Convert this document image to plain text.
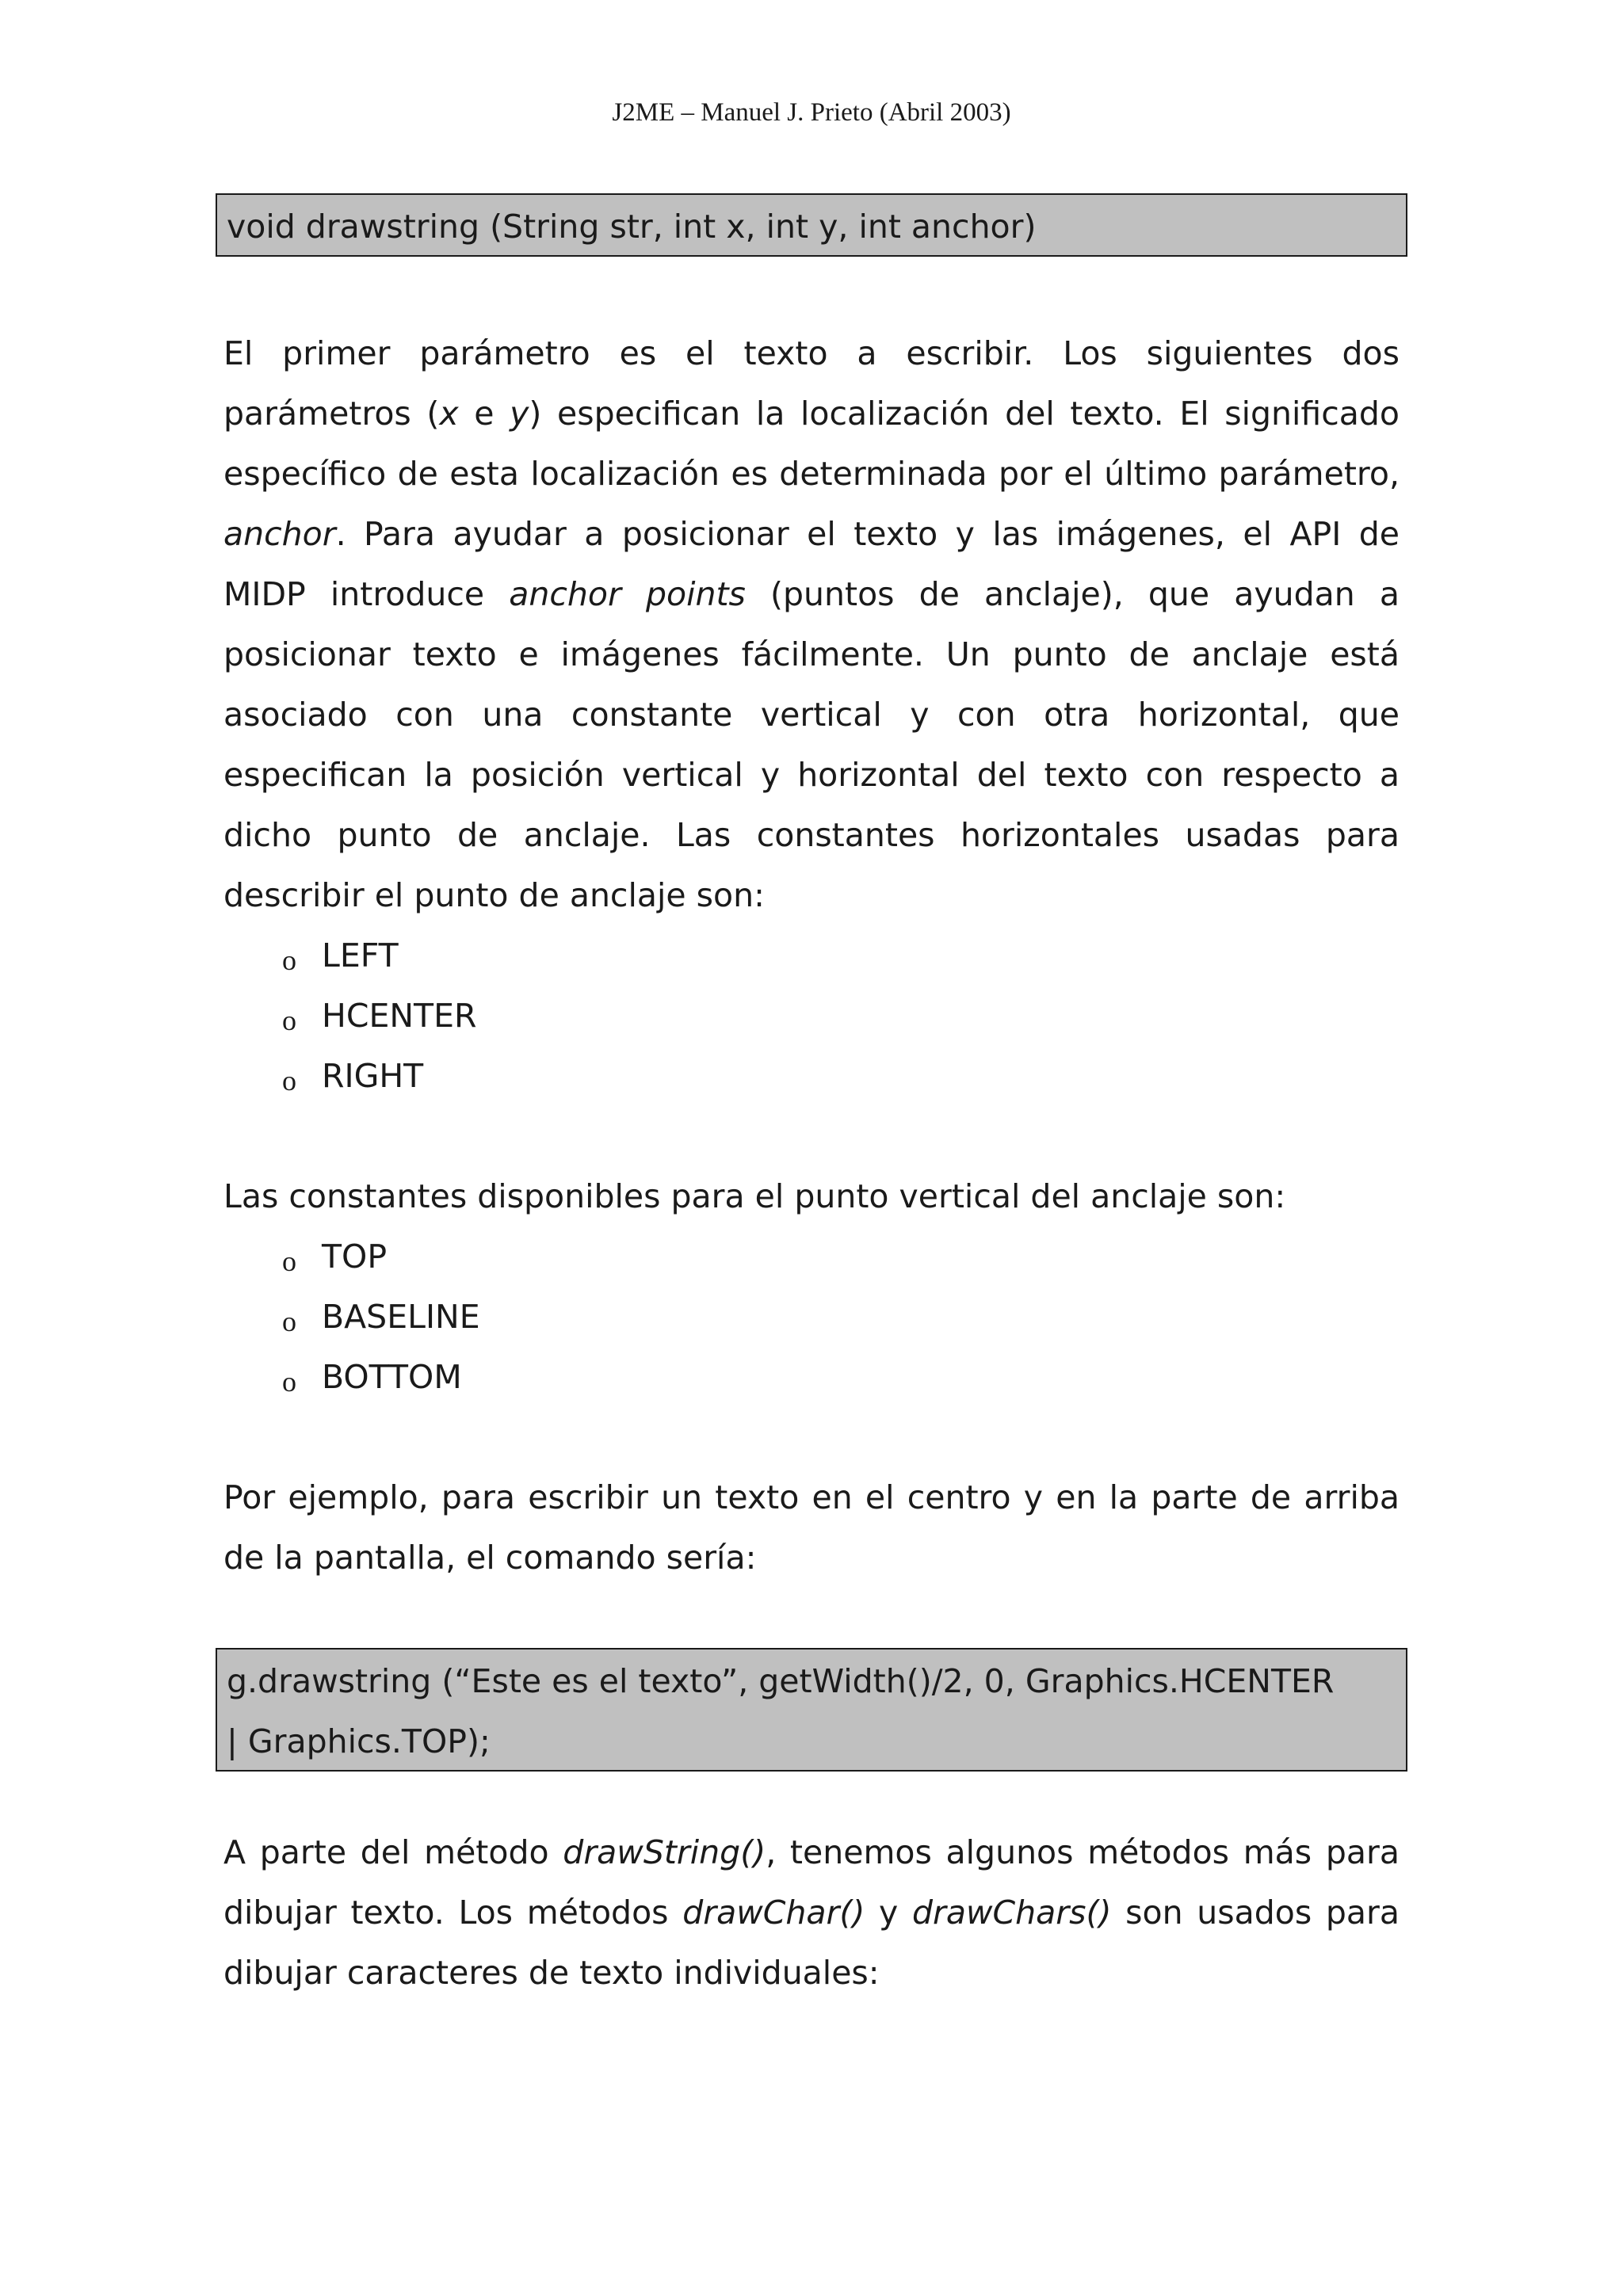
J2ME – Manuel J. Prieto (Abril 2003)

void drawstring (String str, int x, int y, int anchor)

El primer parámetro es el texto a escribir. Los siguientes dos parámetros (x e y) especifican la localización del texto. El significado específico de esta localización es determinada por el último parámetro, anchor. Para ayudar a posicionar el texto y las imágenes, el API de MIDP introduce anchor points (puntos de anclaje), que ayudan a posicionar texto e imágenes fácilmente. Un punto de anclaje está asociado con una constante vertical y con otra horizontal, que especifican la posición vertical y horizontal del texto con respecto a dicho punto de anclaje. Las constantes horizontales usadas para describir el punto de anclaje son:

o LEFT
o HCENTER
o RIGHT

Las constantes disponibles para el punto vertical del anclaje son:

o TOP
o BASELINE
o BOTTOM

Por ejemplo, para escribir un texto en el centro y en la parte de arriba de la pantalla, el comando sería:

g.drawstring (“Este es el texto”, getWidth()/2, 0, Graphics.HCENTER

| Graphics.TOP);

A parte del método drawString(), tenemos algunos métodos más para dibujar texto. Los métodos drawChar() y drawChars() son usados para dibujar caracteres de texto individuales:
